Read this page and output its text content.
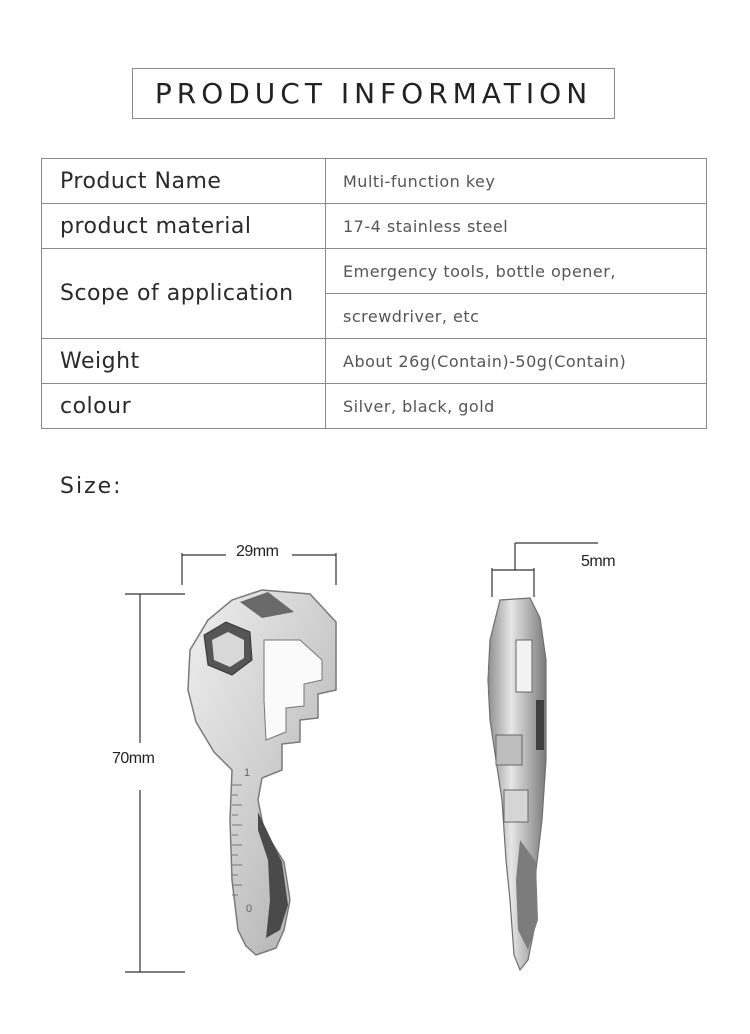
PRODUCT INFORMATION
Product Name	Multi-function key
product material	17-4 stainless steel
Scope of application	Emergency tools, bottle opener,
	screwdriver, etc
Weight	About 26g(Contain)-50g(Contain)
colour	Silver, black, gold
Size:
1
0
29mm
70mm
5mm
